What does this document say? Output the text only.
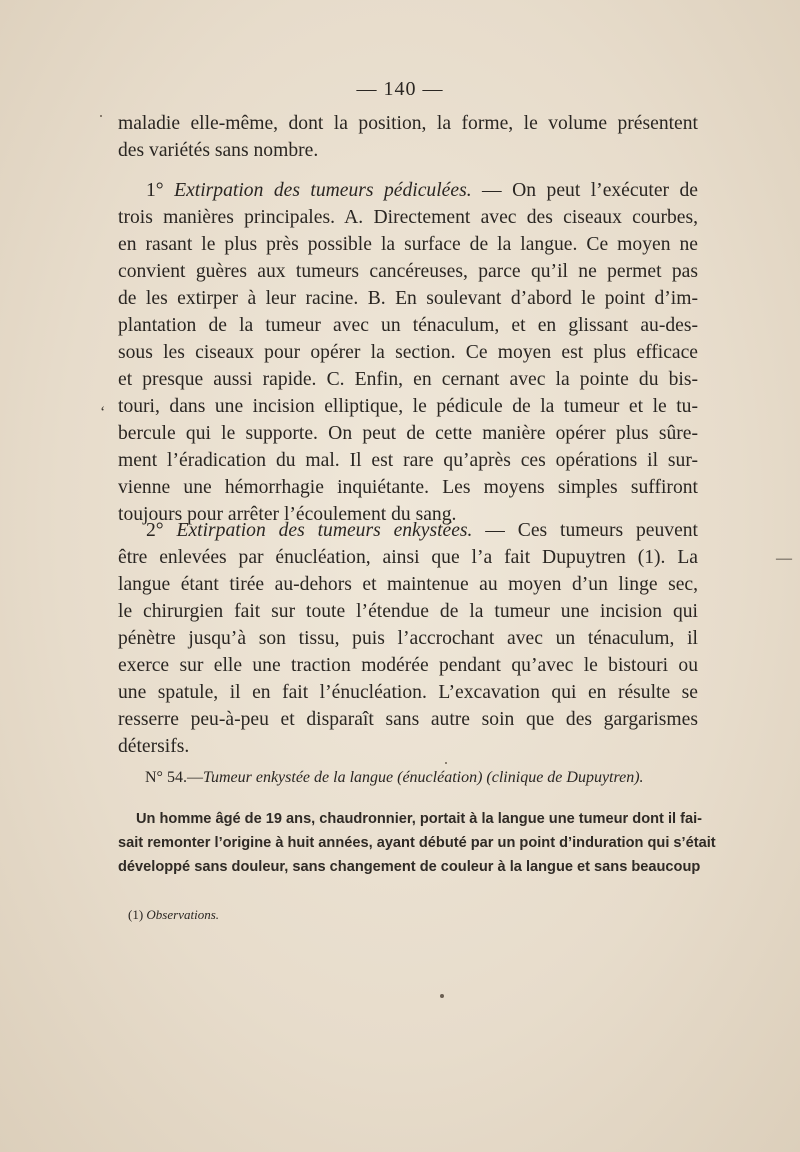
— 140 —
maladie elle-même, dont la position, la forme, le volume présentent
des variétés sans nombre.
1° Extirpation des tumeurs pédiculées. — On peut l’exécuter de
trois manières principales. A. Directement avec des ciseaux courbes,
en rasant le plus près possible la surface de la langue. Ce moyen ne
convient guères aux tumeurs cancéreuses, parce qu’il ne permet pas
de les extirper à leur racine. B. En soulevant d’abord le point d’im-
plantation de la tumeur avec un ténaculum, et en glissant au-des-
sous les ciseaux pour opérer la section. Ce moyen est plus efficace
et presque aussi rapide. C. Enfin, en cernant avec la pointe du bis-
touri, dans une incision elliptique, le pédicule de la tumeur et le tu-
bercule qui le supporte. On peut de cette manière opérer plus sûre-
ment l’éradication du mal. Il est rare qu’après ces opérations il sur-
vienne une hémorrhagie inquiétante. Les moyens simples suffiront
toujours pour arrêter l’écoulement du sang.
2° Extirpation des tumeurs enkystées. — Ces tumeurs peuvent
être enlevées par énucléation, ainsi que l’a fait Dupuytren (1). La
langue étant tirée au-dehors et maintenue au moyen d’un linge sec,
le chirurgien fait sur toute l’étendue de la tumeur une incision qui
pénètre jusqu’à son tissu, puis l’accrochant avec un ténaculum, il
exerce sur elle une traction modérée pendant qu’avec le bistouri ou
une spatule, il en fait l’énucléation. L’excavation qui en résulte se
resserre peu-à-peu et disparaît sans autre soin que des gargarismes
détersifs.
N° 54.—Tumeur enkystée de la langue (énucléation) (clinique de Dupuytren).
Un homme âgé de 19 ans, chaudronnier, portait à la langue une tumeur dont il fai-
sait remonter l’origine à huit années, ayant débuté par un point d’induration qui s’était
développé sans douleur, sans changement de couleur à la langue et sans beaucoup
(1) Observations.
‘
—
